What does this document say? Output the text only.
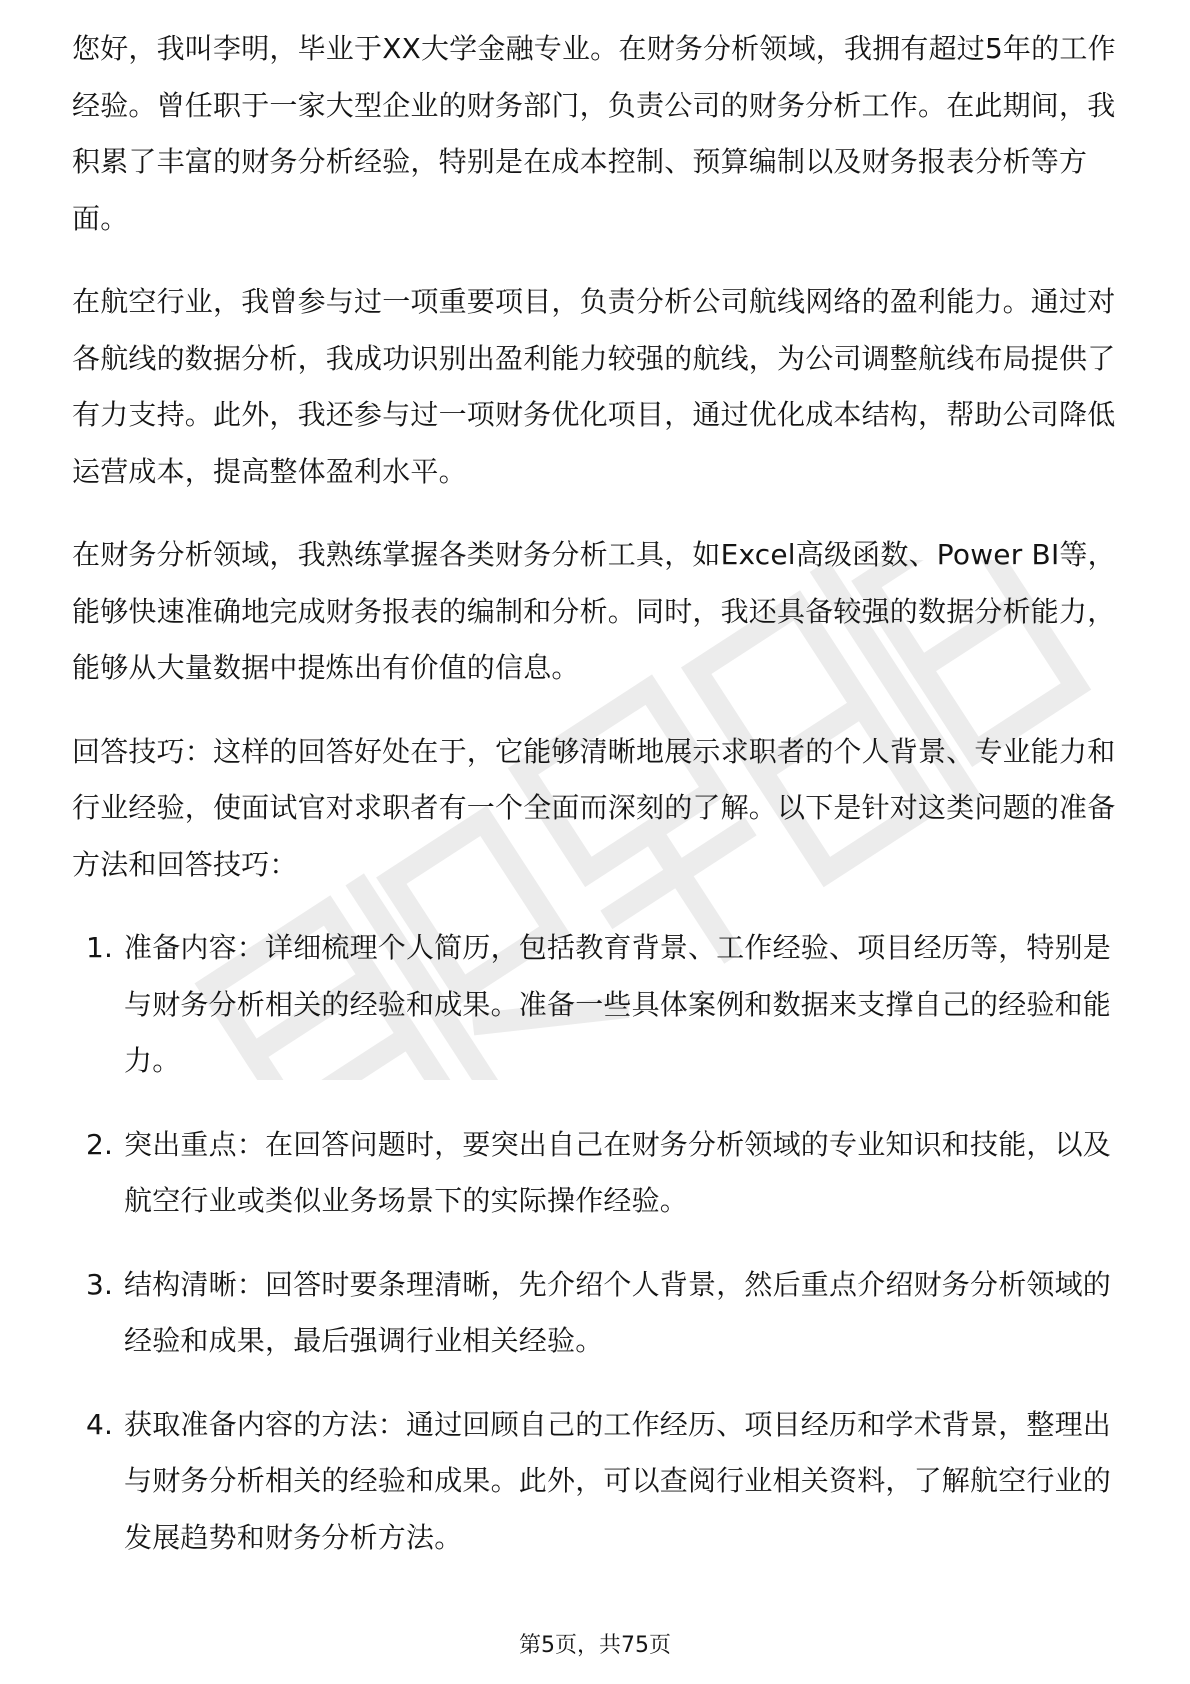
您好，我叫李明，毕业于XX大学金融专业。在财务分析领域，我拥有超过5年的工作经验。曾任职于一家大型企业的财务部门，负责公司的财务分析工作。在此期间，我积累了丰富的财务分析经验，特别是在成本控制、预算编制以及财务报表分析等方面。

在航空行业，我曾参与过一项重要项目，负责分析公司航线网络的盈利能力。通过对各航线的数据分析，我成功识别出盈利能力较强的航线，为公司调整航线布局提供了有力支持。此外，我还参与过一项财务优化项目，通过优化成本结构，帮助公司降低运营成本，提高整体盈利水平。

在财务分析领域，我熟练掌握各类财务分析工具，如Excel高级函数、Power BI等，能够快速准确地完成财务报表的编制和分析。同时，我还具备较强的数据分析能力，能够从大量数据中提炼出有价值的信息。

回答技巧：这样的回答好处在于，它能够清晰地展示求职者的个人背景、专业能力和行业经验，使面试官对求职者有一个全面而深刻的了解。以下是针对这类问题的准备方法和回答技巧：

1. 准备内容：详细梳理个人简历，包括教育背景、工作经验、项目经历等，特别是与财务分析相关的经验和成果。准备一些具体案例和数据来支撑自己的经验和能力。
2. 突出重点：在回答问题时，要突出自己在财务分析领域的专业知识和技能，以及航空行业或类似业务场景下的实际操作经验。
3. 结构清晰：回答时要条理清晰，先介绍个人背景，然后重点介绍财务分析领域的经验和成果，最后强调行业相关经验。
4. 获取准备内容的方法：通过回顾自己的工作经历、项目经历和学术背景，整理出与财务分析相关的经验和成果。此外，可以查阅行业相关资料，了解航空行业的发展趋势和财务分析方法。
第5页，共75页
